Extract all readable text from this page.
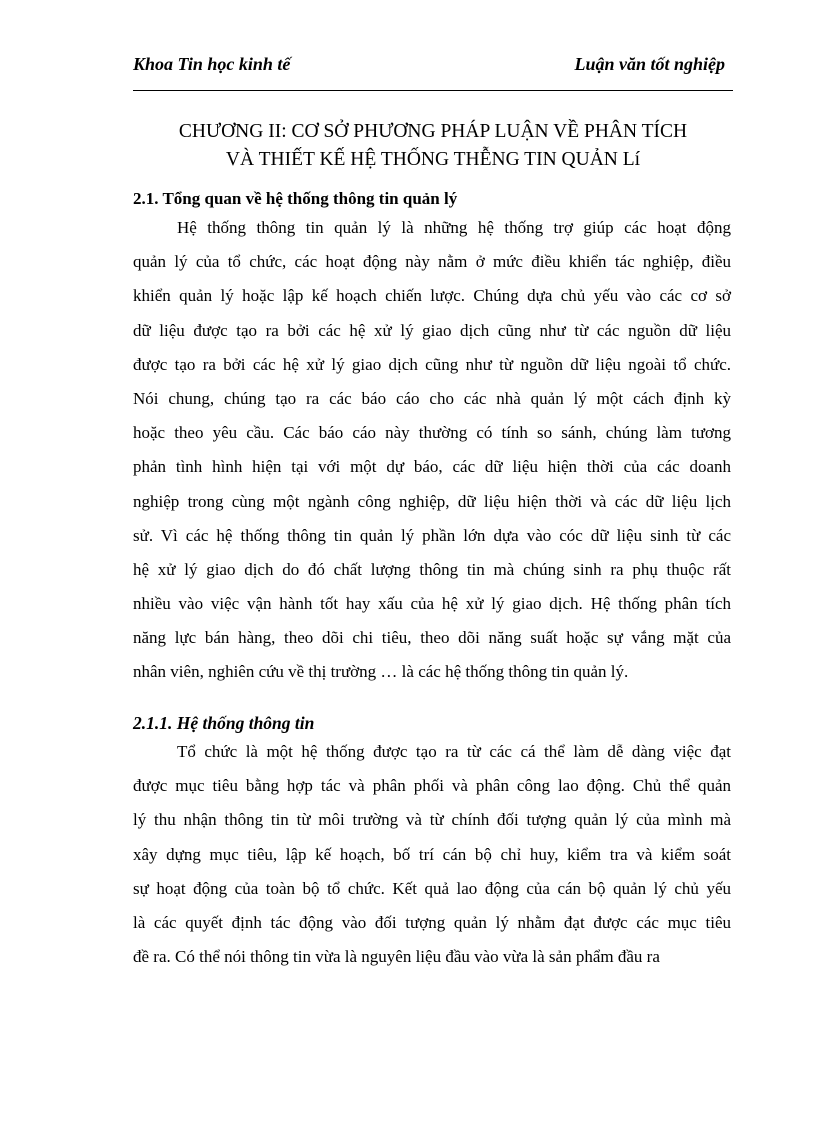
Khoa Tin học kinh tế	Luận văn tốt nghiệp
CHƯƠNG II: CƠ SỞ PHƯƠNG PHÁP LUẬN VỀ PHÂN TÍCH
VÀ THIẾT KẾ HỆ THỐNG THỄNG TIN QUẢN Lí
2.1. Tổng quan về hệ thống thông tin quản lý
Hệ thống thông tin quản lý là những hệ thống trợ giúp các hoạt động
quản lý của tổ chức, các hoạt động này nằm ở mức điều khiển tác nghiệp, điều
khiển quản lý hoặc lập kế hoạch chiến lược. Chúng dựa chủ yếu vào các cơ sở
dữ liệu được tạo ra bởi các hệ xử lý giao dịch cũng như từ các nguồn dữ liệu
được tạo ra bởi các hệ xử lý giao dịch cũng như từ nguồn dữ liệu ngoài tổ chức.
Nói chung, chúng tạo ra các báo cáo cho các nhà quản lý một cách định kỳ
hoặc theo yêu cầu. Các báo cáo này thường có tính so sánh, chúng làm tương
phản tình hình hiện tại với một dự báo, các dữ liệu hiện thời của các doanh
nghiệp trong cùng một ngành công nghiệp, dữ liệu hiện thời và các dữ liệu lịch
sử. Vì các hệ thống thông tin quản lý phần lớn dựa vào cóc dữ liệu sinh từ các
hệ xử lý giao dịch do đó chất lượng thông tin mà chúng sinh ra phụ thuộc rất
nhiều vào việc vận hành tốt hay xấu của hệ xử lý giao dịch. Hệ thống phân tích
năng lực bán hàng, theo dõi chi tiêu, theo dõi năng suất hoặc sự vắng mặt của
nhân viên, nghiên cứu về thị trường … là các hệ thống thông tin quản lý.
2.1.1. Hệ thống thông tin
Tổ chức là một hệ thống được tạo ra từ các cá thể làm dễ dàng việc đạt
được mục tiêu bằng hợp tác và phân phối và phân công lao động. Chủ thể quản
lý thu nhận thông tin từ môi trường và từ chính đối tượng quản lý của mình mà
xây dựng mục tiêu, lập kế hoạch, bố trí cán bộ chỉ huy, kiểm tra và kiểm soát
sự hoạt động của toàn bộ tổ chức. Kết quả lao động của cán bộ quản lý chủ yếu
là các quyết định tác động vào đối tượng quản lý nhằm đạt được các mục tiêu
đề ra. Có thể nói thông tin vừa là nguyên liệu đầu vào vừa là sản phẩm đầu ra
